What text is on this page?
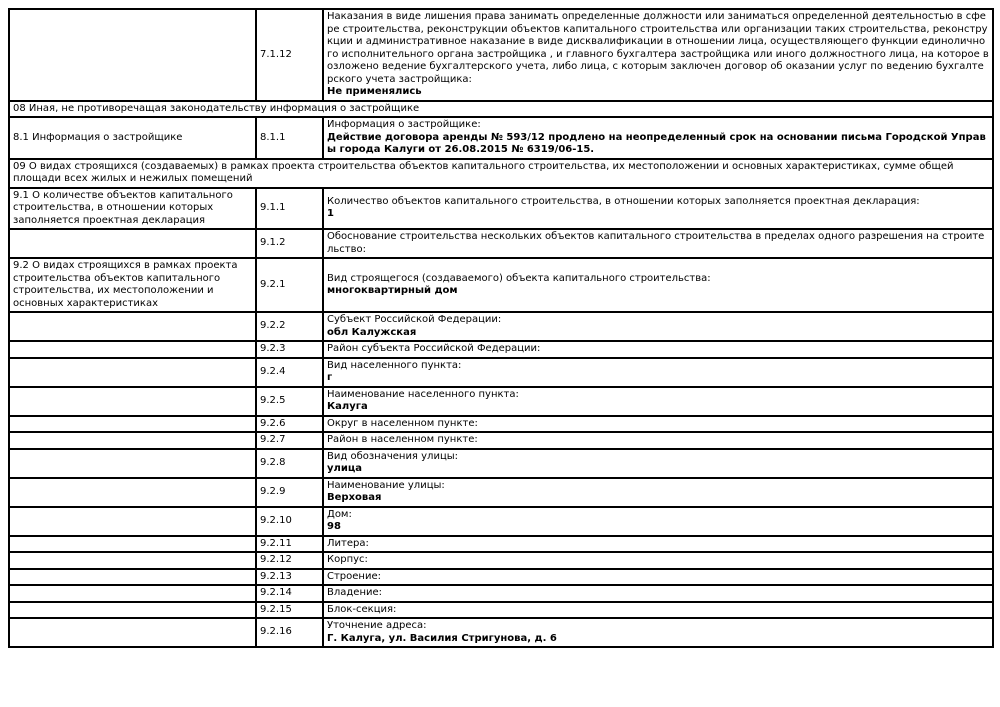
	7.1.12	Наказания в виде лишения права занимать определенные должности или заниматься определенной деятельностью в сфере строительства, реконструкции объектов капитального строительства или организации таких строительства, реконструкции и административное наказание в виде дисквалификации в отношении лица, осуществляющего функции единоличного исполнительного органа застройщика , и главного бухгалтера застройщика или иного должностного лица, на которое возложено ведение бухгалтерского учета, либо лица, с которым заключен договор об оказании услуг по ведению бухгалтерского учета застройщика:
Не применялись

08 Иная, не противоречащая законодательству информация о застройщике		
8.1 Информация о застройщике	8.1.1	Информация о застройщике:
Действие договора аренды № 593/12 продлено на неопределенный срок на основании письма Городской Управы города Калуги от 26.08.2015 № 6319/06-15.

09 О видах строящихся (создаваемых) в рамках проекта строительства объектов капитального строительства, их местоположении и основных характеристиках, сумме общей площади всех жилых и нежилых помещений		
9.1 О количестве объектов капитального строительства, в отношении которых заполняется проектная декларация	9.1.1	Количество объектов капитального строительства, в отношении которых заполняется проектная декларация:
1

	9.1.2	Обоснование строительства нескольких объектов капитального строительства в пределах одного разрешения на строительство:

9.2 О видах строящихся в рамках проекта строительства объектов капитального строительства, их местоположении и основных характеристиках	9.2.1	Вид строящегося (создаваемого) объекта капитального строительства:
многоквартирный дом

	9.2.2	Субъект Российской Федерации:
обл Калужская

	9.2.3	Район субъекта Российской Федерации:

	9.2.4	Вид населенного пункта:
г

	9.2.5	Наименование населенного пункта:
Калуга

	9.2.6	Округ в населенном пункте:

	9.2.7	Район в населенном пункте:

	9.2.8	Вид обозначения улицы:
улица

	9.2.9	Наименование улицы:
Верховая

	9.2.10	Дом:
98

	9.2.11	Литера:

	9.2.12	Корпус:

	9.2.13	Строение:

	9.2.14	Владение:

	9.2.15	Блок-секция:

	9.2.16	Уточнение адреса:
Г. Калуга, ул. Василия Стригунова, д. 6
